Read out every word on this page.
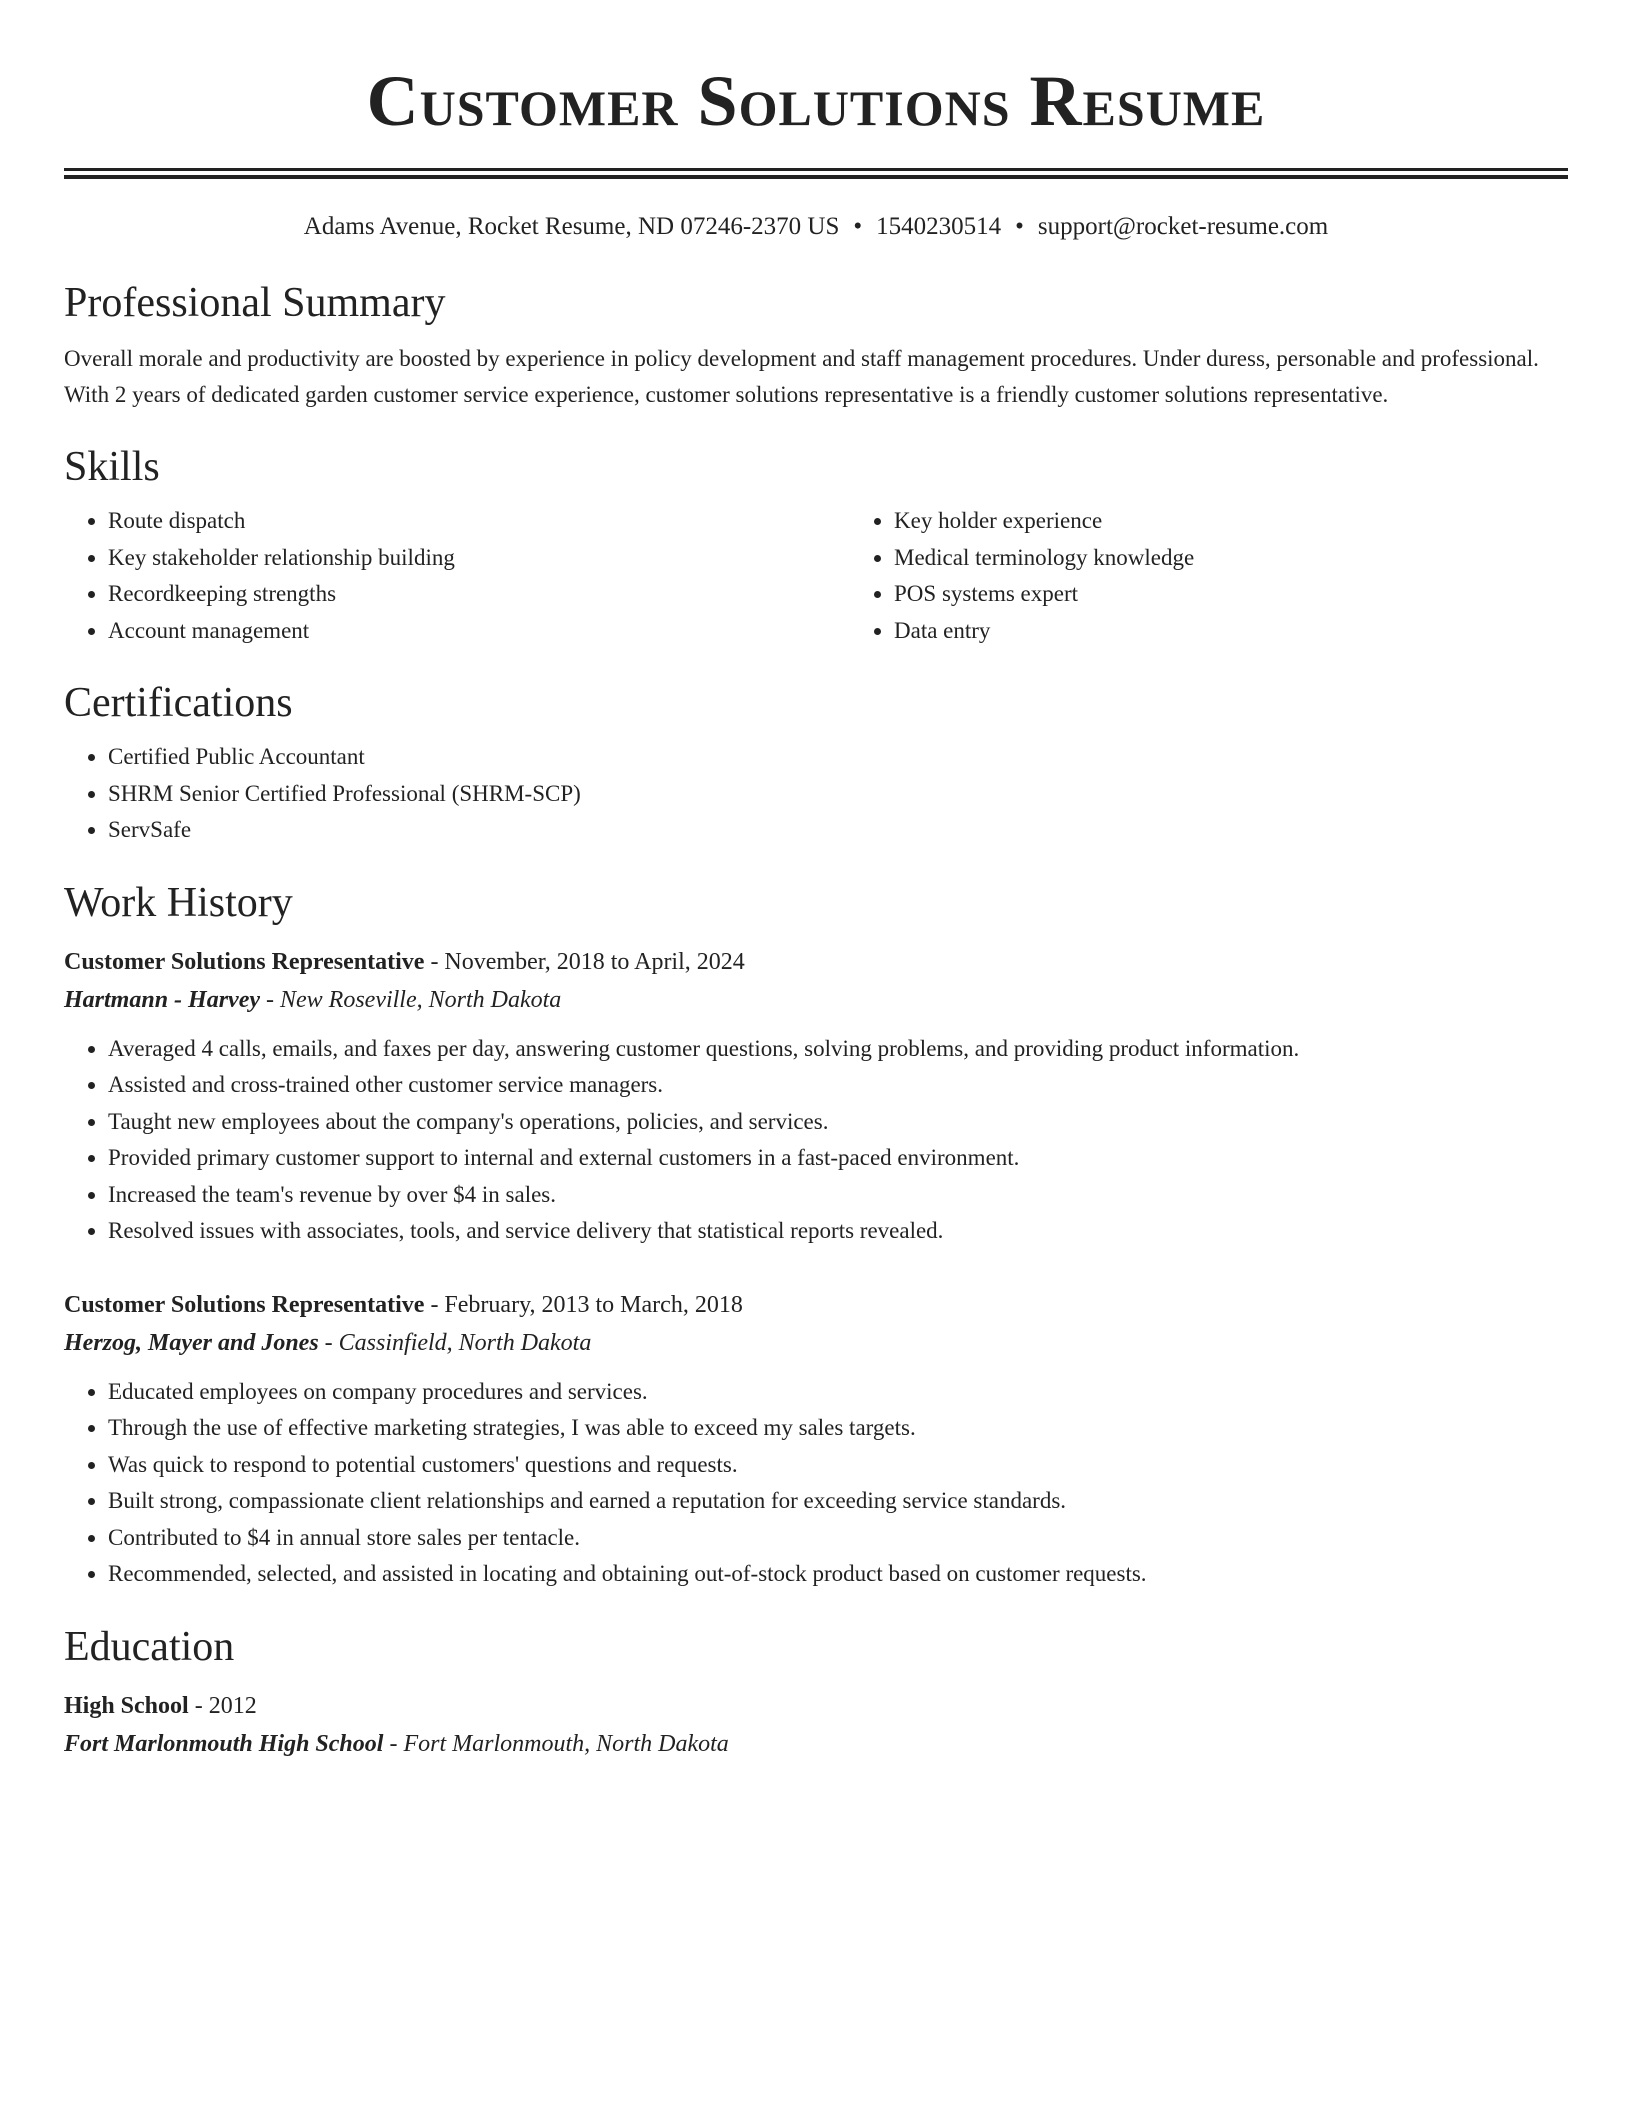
Customer Solutions Resume
Adams Avenue, Rocket Resume, ND 07246-2370 US • 1540230514 • support@rocket-resume.com
Professional Summary

Overall morale and productivity are boosted by experience in policy development and staff management procedures. Under duress, personable and professional. With 2 years of dedicated garden customer service experience, customer solutions representative is a friendly customer solutions representative.

Skills
• Route dispatch
• Key stakeholder relationship building
• Recordkeeping strengths
• Account management
• Key holder experience
• Medical terminology knowledge
• POS systems expert
• Data entry
Certifications
• Certified Public Accountant
• SHRM Senior Certified Professional (SHRM-SCP)
• ServSafe
Work History
Customer Solutions Representative - November, 2018 to April, 2024
Hartmann - Harvey - New Roseville, North Dakota
• Averaged 4 calls, emails, and faxes per day, answering customer questions, solving problems, and providing product information.
• Assisted and cross-trained other customer service managers.
• Taught new employees about the company's operations, policies, and services.
• Provided primary customer support to internal and external customers in a fast-paced environment.
• Increased the team's revenue by over $4 in sales.
• Resolved issues with associates, tools, and service delivery that statistical reports revealed.
Customer Solutions Representative - February, 2013 to March, 2018
Herzog, Mayer and Jones - Cassinfield, North Dakota
• Educated employees on company procedures and services.
• Through the use of effective marketing strategies, I was able to exceed my sales targets.
• Was quick to respond to potential customers' questions and requests.
• Built strong, compassionate client relationships and earned a reputation for exceeding service standards.
• Contributed to $4 in annual store sales per tentacle.
• Recommended, selected, and assisted in locating and obtaining out-of-stock product based on customer requests.
Education
High School - 2012
Fort Marlonmouth High School - Fort Marlonmouth, North Dakota
